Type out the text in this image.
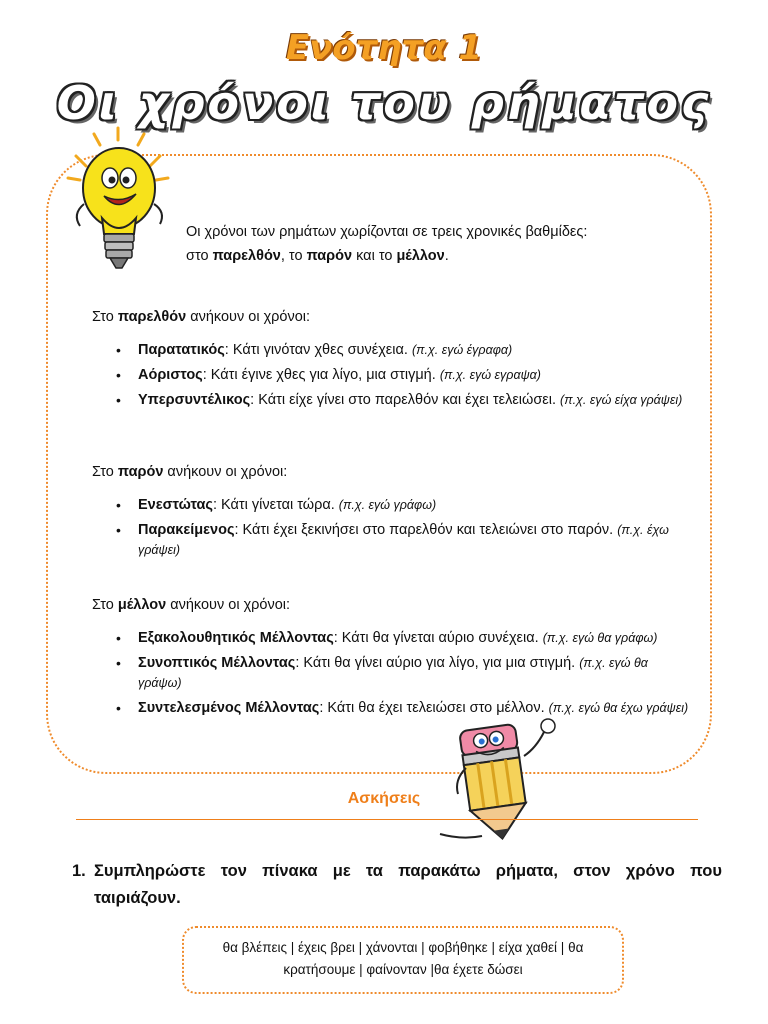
Ενότητα 1
Οι χρόνοι του ρήματος
Οι χρόνοι των ρημάτων χωρίζονται σε τρεις χρονικές βαθμίδες:
στο παρελθόν, το παρόν και το μέλλον.
Στο παρελθόν ανήκουν οι χρόνοι:
• Παρατατικός: Κάτι γινόταν χθες συνέχεια. (π.χ. εγώ έγραφα)
• Αόριστος: Κάτι έγινε χθες για λίγο, μια στιγμή. (π.χ. εγώ εγραψα)
• Υπερσυντέλικος: Κάτι είχε γίνει στο παρελθόν και έχει τελειώσει. (π.χ. εγώ είχα γράψει)
Στο παρόν ανήκουν οι χρόνοι:
• Ενεστώτας: Κάτι γίνεται τώρα. (π.χ. εγώ γράφω)
• Παρακείμενος: Κάτι έχει ξεκινήσει στο παρελθόν και τελειώνει στο παρόν. (π.χ. έχω γράψει)
Στο μέλλον ανήκουν οι χρόνοι:
• Εξακολουθητικός Μέλλοντας: Κάτι θα γίνεται αύριο συνέχεια. (π.χ. εγώ θα γράφω)
• Συνοπτικός Μέλλοντας: Κάτι θα γίνει αύριο για λίγο, για μια στιγμή. (π.χ. εγώ θα γράψω)
• Συντελεσμένος Μέλλοντας: Κάτι θα έχει τελειώσει στο μέλλον. (π.χ. εγώ θα έχω γράψει)
Ασκήσεις
1. Συμπληρώστε τον πίνακα με τα παρακάτω ρήματα, στον χρόνο που
ταιριάζουν.
θα βλέπεις | έχεις βρει | χάνονται | φοβήθηκε | είχα χαθεί | θα
κρατήσουμε | φαίνονταν |θα έχετε δώσει
